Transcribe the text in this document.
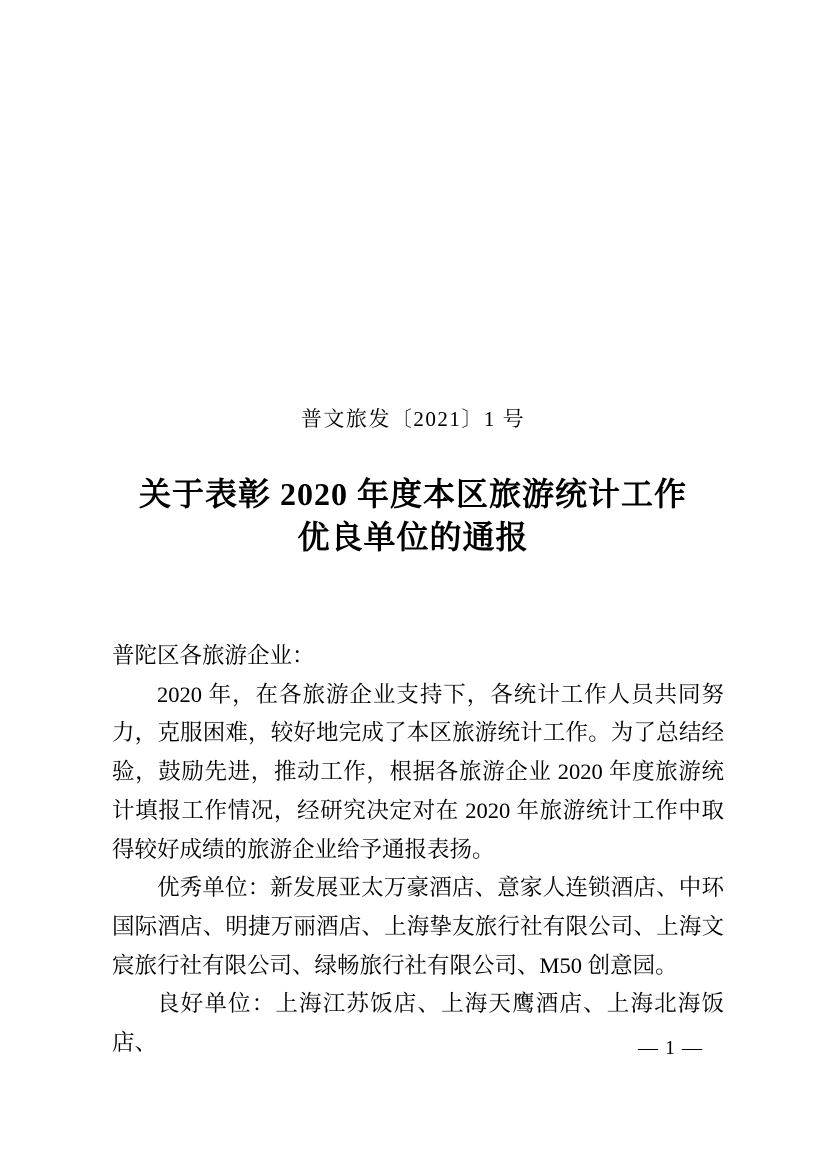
普文旅发〔2021〕1 号
关于表彰 2020 年度本区旅游统计工作
优良单位的通报

普陀区各旅游企业：

2020 年，在各旅游企业支持下，各统计工作人员共同努力，克服困难，较好地完成了本区旅游统计工作。为了总结经验，鼓励先进，推动工作，根据各旅游企业 2020 年度旅游统计填报工作情况，经研究决定对在 2020 年旅游统计工作中取得较好成绩的旅游企业给予通报表扬。

优秀单位：新发展亚太万豪酒店、意家人连锁酒店、中环国际酒店、明捷万丽酒店、上海挚友旅行社有限公司、上海文宸旅行社有限公司、绿畅旅行社有限公司、M50 创意园。

良好单位：上海江苏饭店、上海天鹰酒店、上海北海饭店、	— 1 —
